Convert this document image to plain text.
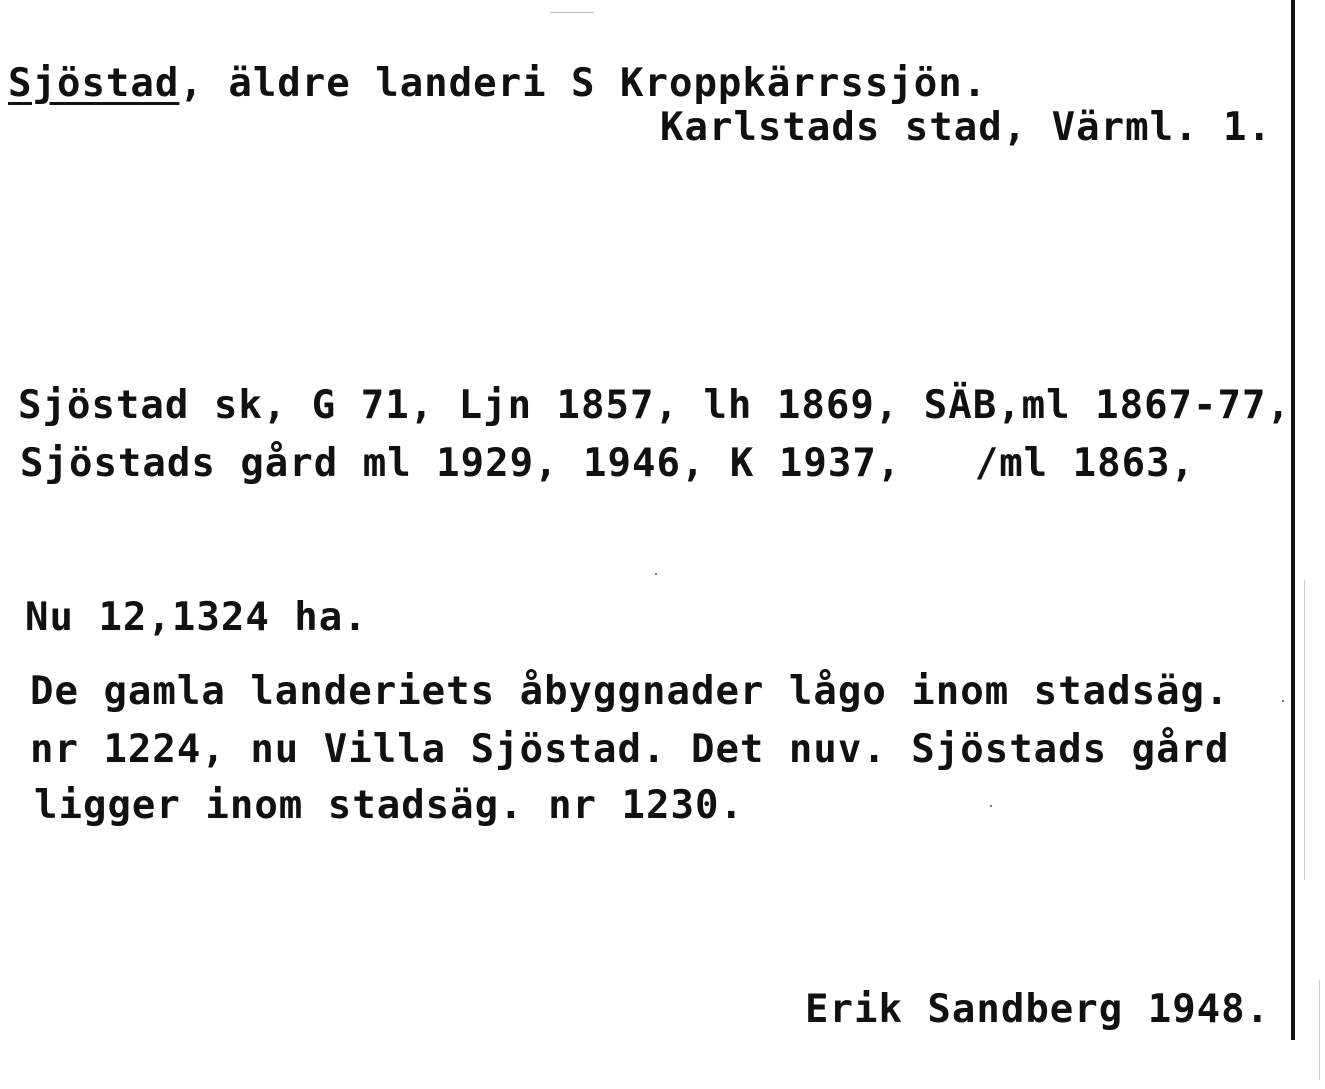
Sjöstad, äldre landeri S Kroppkärrssjön.
Karlstads stad, Värml. 1.
Sjöstad sk, G 71, Ljn 1857, lh 1869, SÄB,ml 1867-77,
Sjöstads gård ml 1929, 1946, K 1937,   /ml 1863,
Nu 12,1324 ha.
De gamla landeriets åbyggnader lågo inom stadsäg.
nr 1224, nu Villa Sjöstad. Det nuv. Sjöstads gård
ligger inom stadsäg. nr 1230.
Erik Sandberg 1948.
